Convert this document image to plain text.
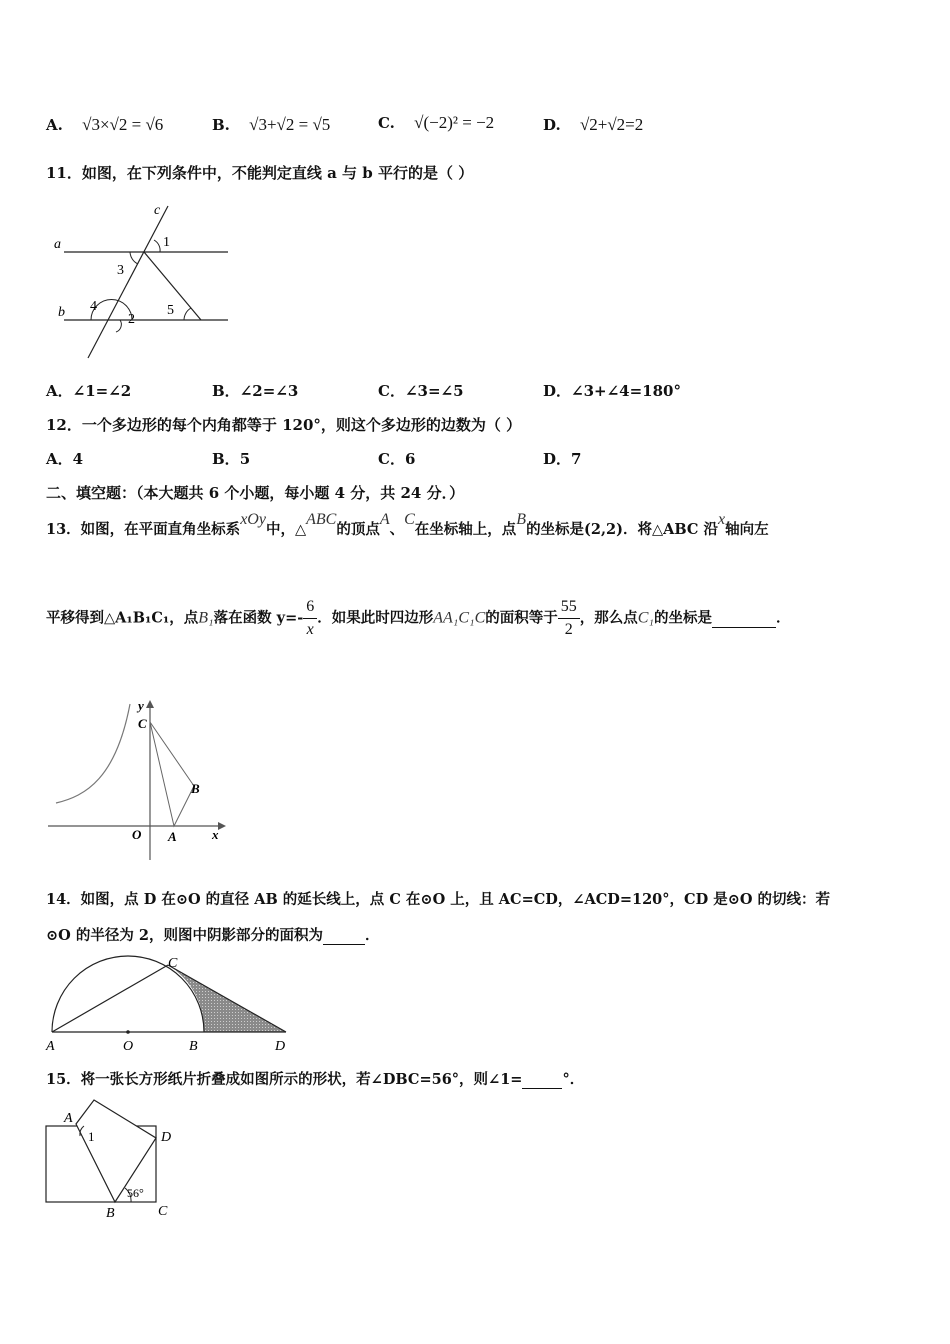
A. √3×√2 = √6	B. √3+√2 = √5	C. √(−2)² = −2	D. √2+√2=2
11．如图，在下列条件中，不能判定直线 a 与 b 平行的是（ ）
a
b
c
1
2
3
4	5
A．∠1=∠2	B．∠2=∠3	C．∠3=∠5	D．∠3+∠4=180°
12．一个多边形的每个内角都等于 120°，则这个多边形的边数为（ ）
A．4	B．5	C．6	D．7
二、填空题：（本大题共 6 个小题，每小题 4 分，共 24 分．）
13．如图，在平面直角坐标系xOy中，△ABC的顶点A、C在坐标轴上，点B的坐标是(2,2)．将△ABC 沿x轴向左
平移得到△A₁B₁C₁，点B₁落在函数 $y=- \frac{6}{x}$ ．如果此时四边形AA₁C₁C的面积等于 $\frac{55}{2}$ ，那么点C₁的坐标是	．
y
C
B
O A	x
14．如图，点 D 在⊙O 的直径 AB 的延长线上，点 C 在⊙O 上，且 AC=CD，∠ACD=120°，CD 是⊙O 的切线：若
⊙O 的半径为 2，则图中阴影部分的面积为	．
A	O	B
C
D
15．将一张长方形纸片折叠成如图所示的形状，若∠DBC=56°，则∠1=	°．
A
1	D
B	C
56°
